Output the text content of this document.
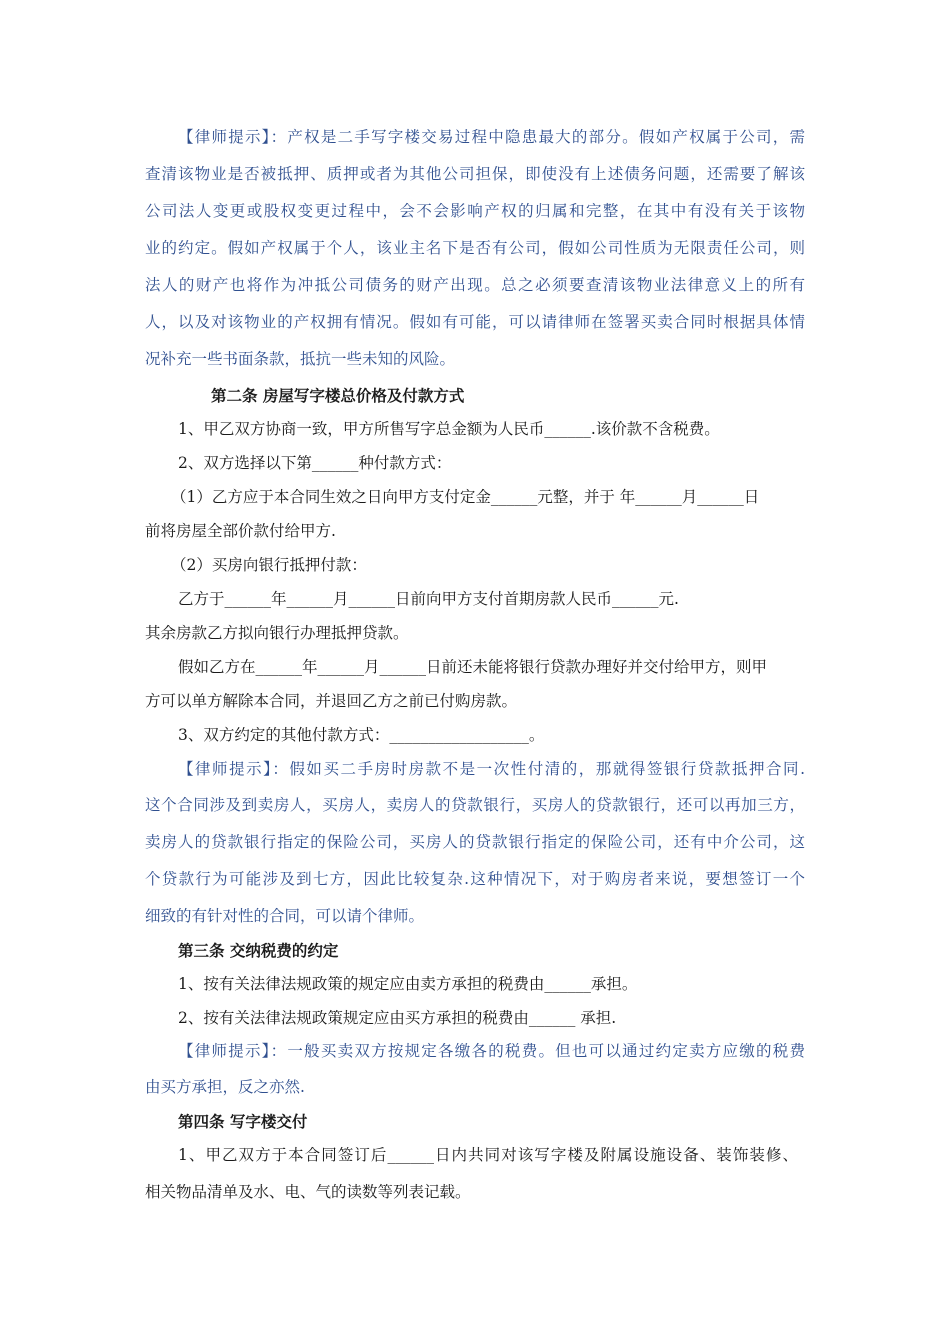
【律师提示】：产权是二手写字楼交易过程中隐患最大的部分。假如产权属于公司，需
查清该物业是否被抵押、质押或者为其他公司担保，即使没有上述债务问题，还需要了解该
公司法人变更或股权变更过程中，会不会影响产权的归属和完整，在其中有没有关于该物
业的约定。假如产权属于个人，该业主名下是否有公司，假如公司性质为无限责任公司，则
法人的财产也将作为冲抵公司债务的财产出现。总之必须要查清该物业法律意义上的所有
人，以及对该物业的产权拥有情况。假如有可能，可以请律师在签署买卖合同时根据具体情
况补充一些书面条款，抵抗一些未知的风险。
第二条 房屋写字楼总价格及付款方式
1、甲乙双方协商一致，甲方所售写字总金额为人民币______.该价款不含税费。
2、双方选择以下第______种付款方式：
（1）乙方应于本合同生效之日向甲方支付定金______元整，并于 年______月______日
前将房屋全部价款付给甲方.
（2）买房向银行抵押付款：
乙方于______年______月______日前向甲方支付首期房款人民币______元.
其余房款乙方拟向银行办理抵押贷款。
假如乙方在______年______月______日前还未能将银行贷款办理好并交付给甲方，则甲
方可以单方解除本合同，并退回乙方之前已付购房款。
3、双方约定的其他付款方式：__________________。
【律师提示】：假如买二手房时房款不是一次性付清的，那就得签银行贷款抵押合同.
这个合同涉及到卖房人，买房人，卖房人的贷款银行，买房人的贷款银行，还可以再加三方，
卖房人的贷款银行指定的保险公司，买房人的贷款银行指定的保险公司，还有中介公司，这
个贷款行为可能涉及到七方，因此比较复杂.这种情况下，对于购房者来说，要想签订一个
细致的有针对性的合同，可以请个律师。
第三条 交纳税费的约定
1、按有关法律法规政策的规定应由卖方承担的税费由______承担。
2、按有关法律法规政策规定应由买方承担的税费由______ 承担.
【律师提示】：一般买卖双方按规定各缴各的税费。但也可以通过约定卖方应缴的税费
由买方承担，反之亦然.
第四条 写字楼交付
1、甲乙双方于本合同签订后______日内共同对该写字楼及附属设施设备、装饰装修、
相关物品清单及水、电、气的读数等列表记载。
